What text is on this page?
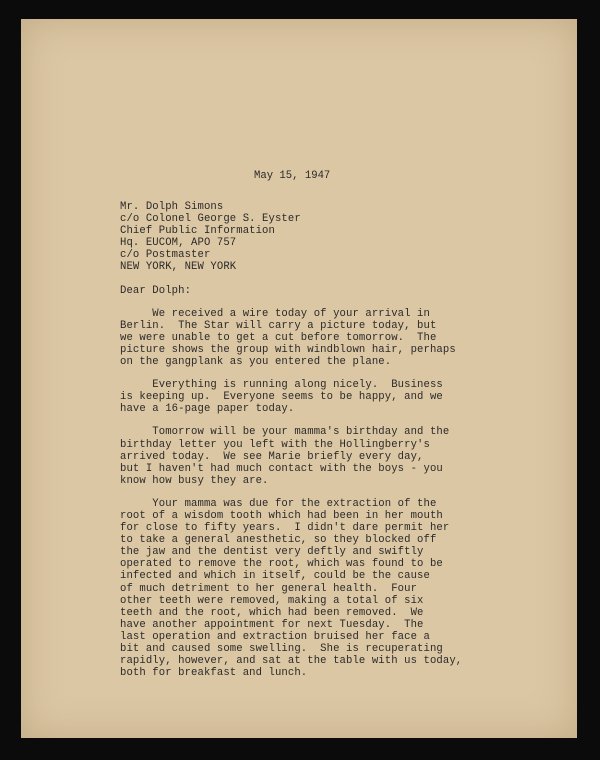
May 15, 1947
Mr. Dolph Simons
c/o Colonel George S. Eyster
Chief Public Information
Hq. EUCOM, APO 757
c/o Postmaster
NEW YORK, NEW YORK
Dear Dolph:
We received a wire today of your arrival in
Berlin.  The Star will carry a picture today, but
we were unable to get a cut before tomorrow.  The
picture shows the group with windblown hair, perhaps
on the gangplank as you entered the plane.
Everything is running along nicely.  Business
is keeping up.  Everyone seems to be happy, and we
have a 16-page paper today.
Tomorrow will be your mamma's birthday and the
birthday letter you left with the Hollingberry's
arrived today.  We see Marie briefly every day,
but I haven't had much contact with the boys - you
know how busy they are.
Your mamma was due for the extraction of the
root of a wisdom tooth which had been in her mouth
for close to fifty years.  I didn't dare permit her
to take a general anesthetic, so they blocked off
the jaw and the dentist very deftly and swiftly
operated to remove the root, which was found to be
infected and which in itself, could be the cause
of much detriment to her general health.  Four
other teeth were removed, making a total of six
teeth and the root, which had been removed.  We
have another appointment for next Tuesday.  The
last operation and extraction bruised her face a
bit and caused some swelling.  She is recuperating
rapidly, however, and sat at the table with us today,
both for breakfast and lunch.
